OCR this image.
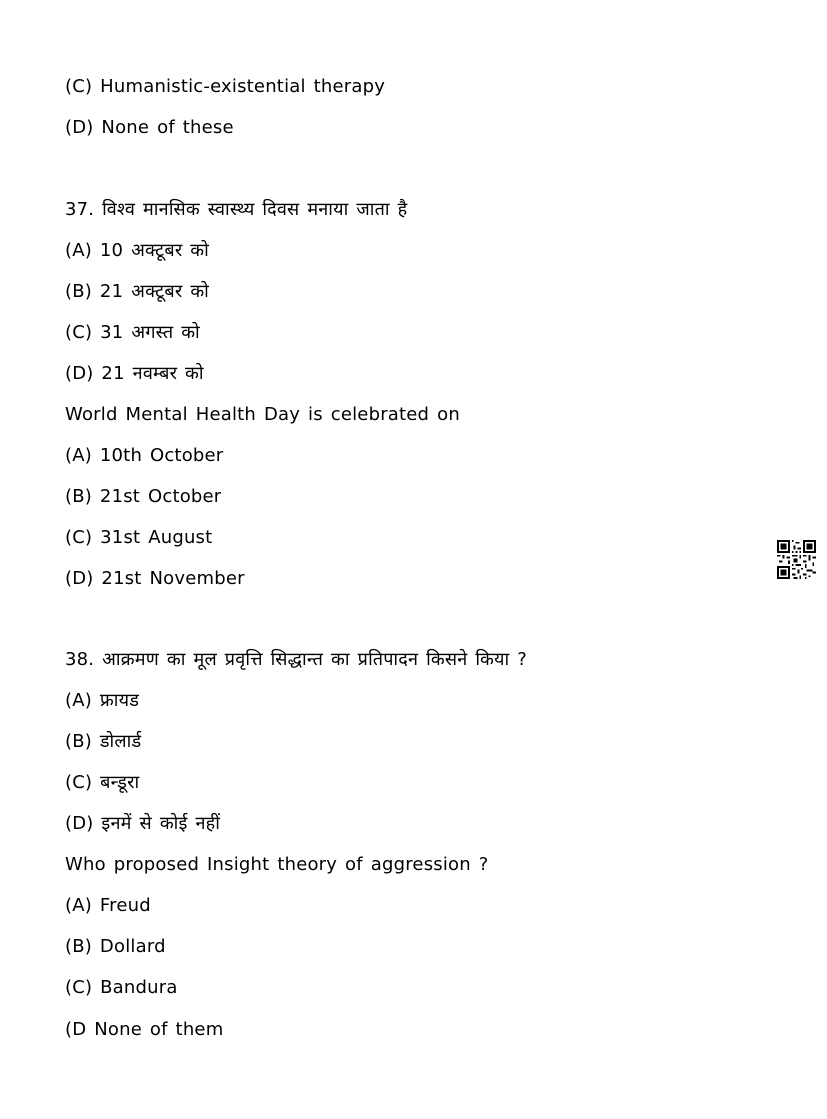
(C) Humanistic-existential therapy
(D) None of these
37. विश्व मानसिक स्वास्थ्य दिवस मनाया जाता है
(A) 10 अक्टूबर को
(B) 21 अक्टूबर को
(C) 31 अगस्त को
(D) 21 नवम्बर को
World Mental Health Day is celebrated on
(A) 10th October
(B) 21st October
(C) 31st August
(D) 21st November
38. आक्रमण का मूल प्रवृत्ति सिद्धान्त का प्रतिपादन किसने किया ?
(A) फ्रायड
(B) डोलार्ड
(C) बन्डूरा
(D) इनमें से कोई नहीं
Who proposed Insight theory of aggression ?
(A) Freud
(B) Dollard
(C) Bandura
(D None of them
